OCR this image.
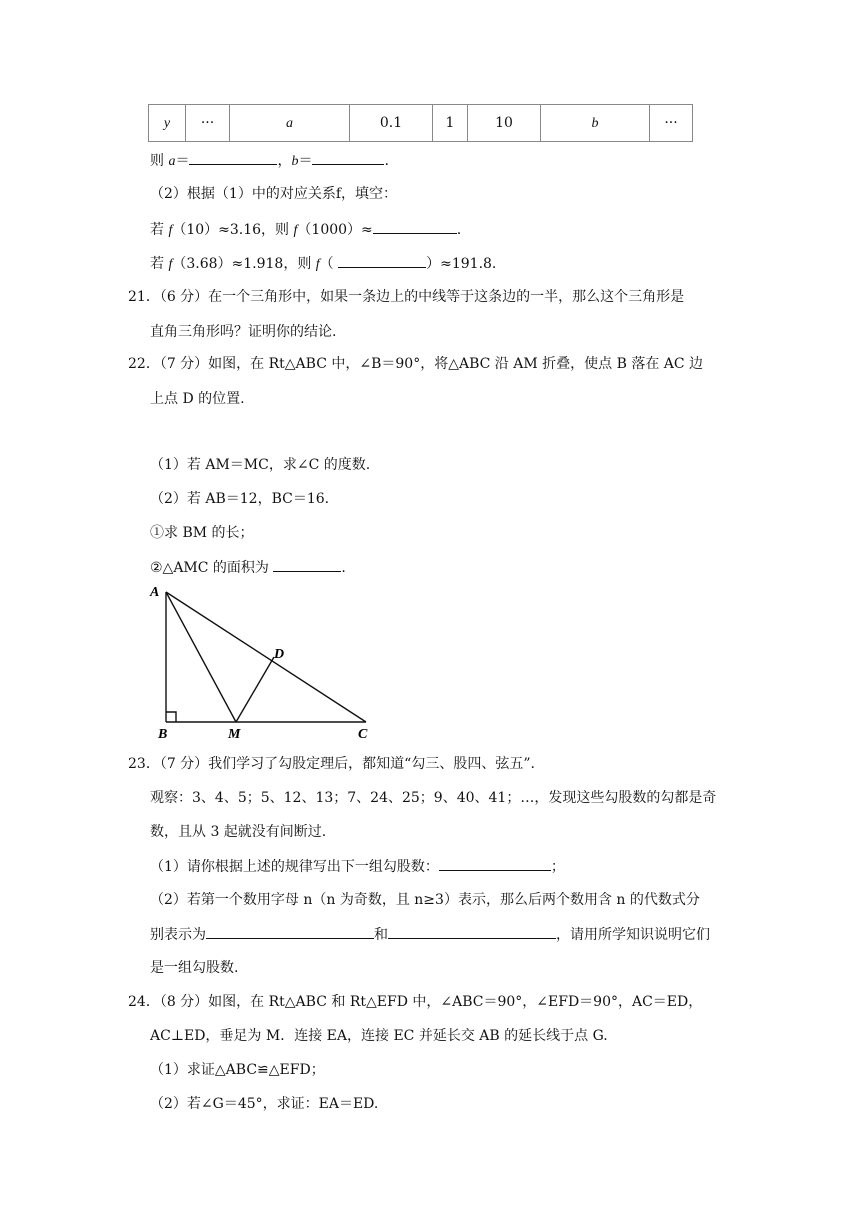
y	···	a	0.1	1	10	b	···
则 a＝	，b＝	.
（2）根据（1）中的对应关系f，填空：
若 f（10）≈3.16，则 f（1000）≈	.
若 f（3.68）≈1.918，则 f（	）≈191.8.
21．（6 分）在一个三角形中，如果一条边上的中线等于这条边的一半，那么这个三角形是
直角三角形吗？证明你的结论.
22．（7 分）如图，在 Rt△ABC 中，∠B＝90°，将△ABC 沿 AM 折叠，使点 B 落在 AC 边
上点 D 的位置.
（1）若 AM＝MC，求∠C 的度数.
（2）若 AB＝12，BC＝16.
①求 BM 的长；
②△AMC 的面积为	.
A
B	M	C
D
23．（7 分）我们学习了勾股定理后，都知道“勾三、股四、弦五”.
观察：3、4、5；5、12、13；7、24、25；9、40、41；…，发现这些勾股数的勾都是奇
数，且从 3 起就没有间断过.
（1）请你根据上述的规律写出下一组勾股数：	；
（2）若第一个数用字母 n（n 为奇数，且 n≥3）表示，那么后两个数用含 n 的代数式分
别表示为	和	，请用所学知识说明它们
是一组勾股数.
24．（8 分）如图，在 Rt△ABC 和 Rt△EFD 中，∠ABC＝90°，∠EFD＝90°，AC＝ED，
AC⊥ED，垂足为 M．连接 EA，连接 EC 并延长交 AB 的延长线于点 G.
（1）求证△ABC≌△EFD；
（2）若∠G＝45°，求证：EA＝ED.
